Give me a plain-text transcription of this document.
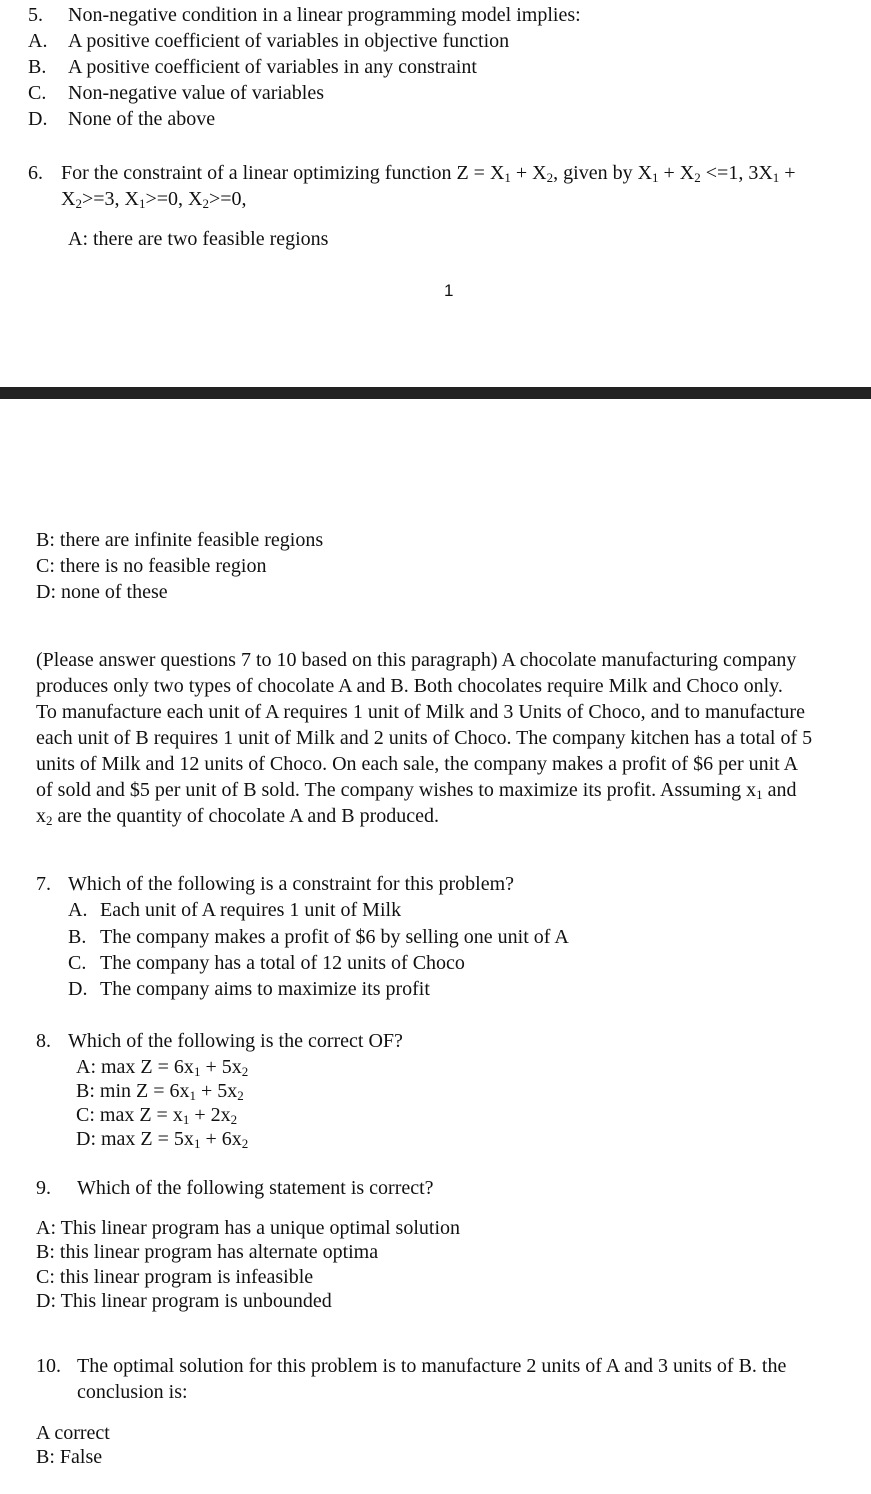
5. Non-negative condition in a linear programming model implies:
A. A positive coefficient of variables in objective function
B. A positive coefficient of variables in any constraint
C. Non-negative value of variables
D. None of the above
6. For the constraint of a linear optimizing function $Z = X_1 + X_2$, given by $X_1 + X_2 <=1$, $3X_1$ +
$X_2>=3$, $X_1>=0$, $X_2>=0$,
A: there are two feasible regions
1
B: there are infinite feasible regions
C: there is no feasible region
D: none of these
(Please answer questions 7 to 10 based on this paragraph) A chocolate manufacturing company
produces only two types of chocolate A and B. Both chocolates require Milk and Choco only.
To manufacture each unit of A requires 1 unit of Milk and 3 Units of Choco, and to manufacture
each unit of B requires 1 unit of Milk and 2 units of Choco. The company kitchen has a total of 5
units of Milk and 12 units of Choco. On each sale, the company makes a profit of $6 per unit A
of sold and $5 per unit of B sold. The company wishes to maximize its profit. Assuming $x_1$ and
$x_2$ are the quantity of chocolate A and B produced.
7. Which of the following is a constraint for this problem?
A. Each unit of A requires 1 unit of Milk
B. The company makes a profit of $6 by selling one unit of A
C. The company has a total of 12 units of Choco
D. The company aims to maximize its profit
8. Which of the following is the correct OF?
A: $\max Z = 6x_1 + 5x_2$
B: $\min Z = 6x_1 + 5x_2$
C: $\max Z = x_1 + 2x_2$
D: $\max Z = 5x_1 + 6x_2$
9. Which of the following statement is correct?
A: This linear program has a unique optimal solution
B: this linear program has alternate optima
C: this linear program is infeasible
D: This linear program is unbounded
10. The optimal solution for this problem is to manufacture 2 units of A and 3 units of B. the
conclusion is:
A correct
B: False
